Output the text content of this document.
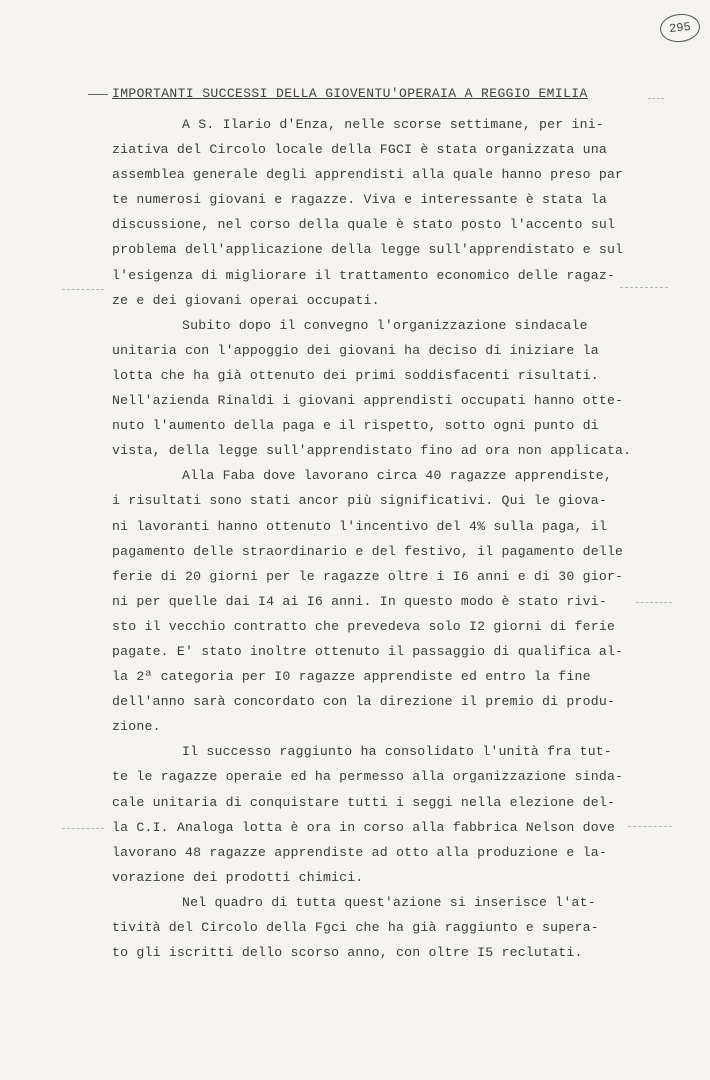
295
IMPORTANTI SUCCESSI DELLA GIOVENTU'OPERAIA A REGGIO EMILIA
A S. Ilario d'Enza, nelle scorse settimane, per ini-
ziativa del Circolo locale della FGCI è stata organizzata una
assemblea generale degli apprendisti alla quale hanno preso par
te numerosi giovani e ragazze. Viva e interessante è stata la
discussione, nel corso della quale è stato posto l'accento sul
problema dell'applicazione della legge sull'apprendistato e sul
l'esigenza di migliorare il trattamento economico delle ragaz-
ze e dei giovani operai occupati.
Subito dopo il convegno l'organizzazione sindacale
unitaria con l'appoggio dei giovani ha deciso di iniziare la
lotta che ha già ottenuto dei primi soddisfacenti risultati.
Nell'azienda Rinaldi i giovani apprendisti occupati hanno otte-
nuto l'aumento della paga e il rispetto, sotto ogni punto di
vista, della legge sull'apprendistato fino ad ora non applicata.
Alla Faba dove lavorano circa 40 ragazze apprendiste,
i risultati sono stati ancor più significativi. Qui le giova-
ni lavoranti hanno ottenuto l'incentivo del 4% sulla paga, il
pagamento delle straordinario e del festivo, il pagamento delle
ferie di 20 giorni per le ragazze oltre i I6 anni e di 30 gior-
ni per quelle dai I4 ai I6 anni. In questo modo è stato rivi-
sto il vecchio contratto che prevedeva solo I2 giorni di ferie
pagate. E' stato inoltre ottenuto il passaggio di qualifica al-
la 2ª categoria per I0 ragazze apprendiste ed entro la fine
dell'anno sarà concordato con la direzione il premio di produ-
zione.
Il successo raggiunto ha consolidato l'unità fra tut-
te le ragazze operaie ed ha permesso alla organizzazione sinda-
cale unitaria di conquistare tutti i seggi nella elezione del-
la C.I. Analoga lotta è ora in corso alla fabbrica Nelson dove
lavorano 48 ragazze apprendiste ad otto alla produzione e la-
vorazione dei prodotti chimici.
Nel quadro di tutta quest'azione si inserisce l'at-
tività del Circolo della Fgci che ha già raggiunto e supera-
to gli iscritti dello scorso anno, con oltre I5 reclutati.
